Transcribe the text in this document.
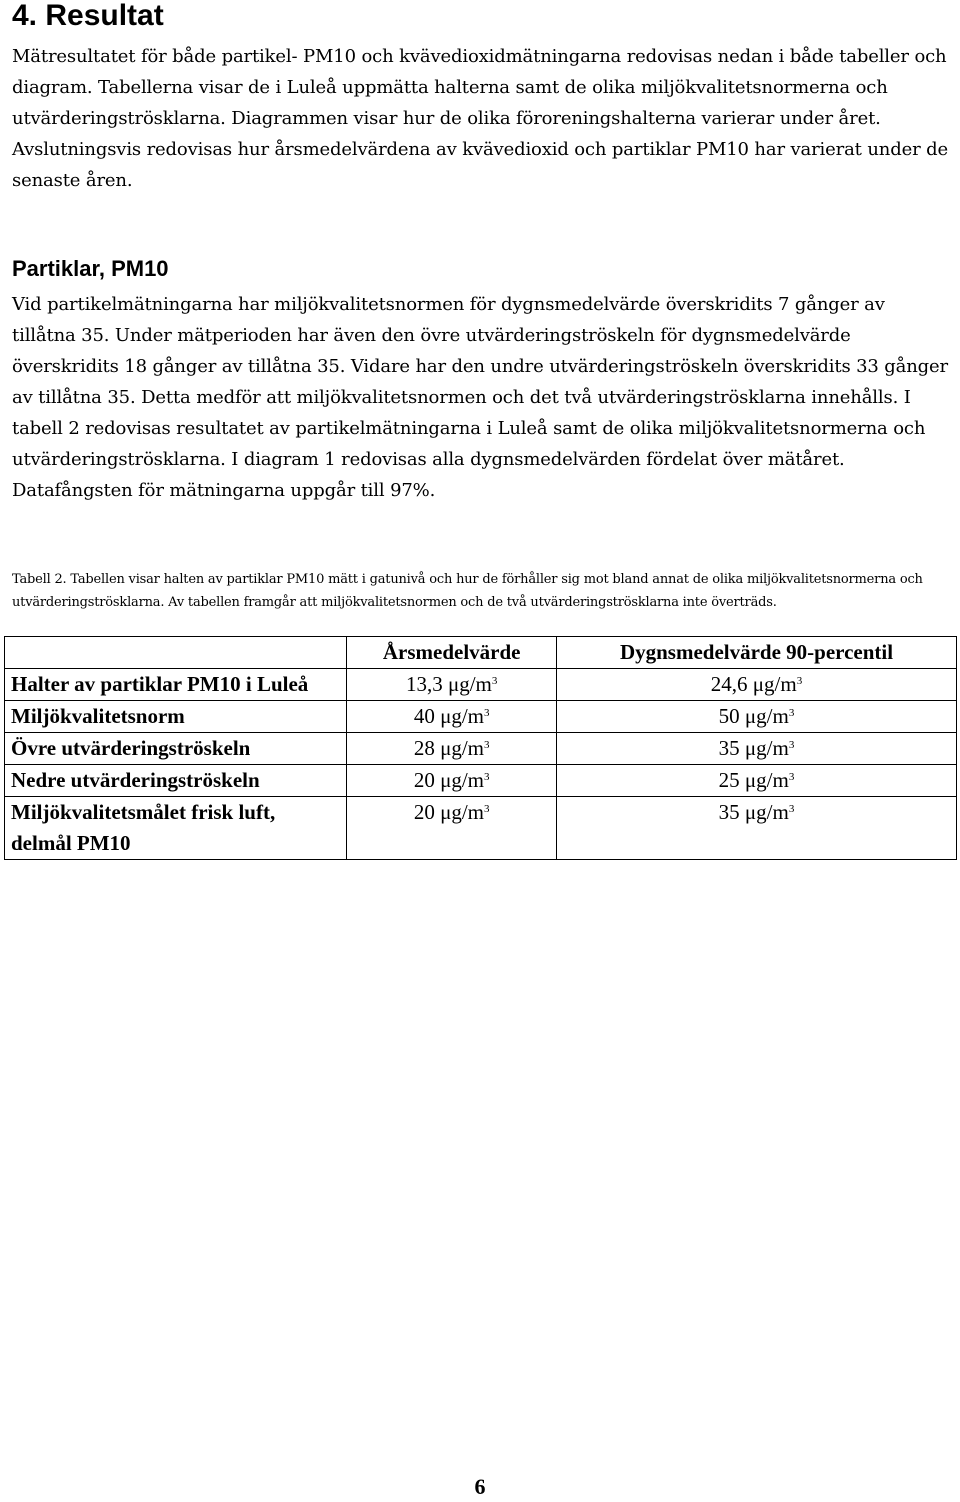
4. Resultat

Mätresultatet för både partikel- PM10 och kvävedioxidmätningarna redovisas nedan i både tabeller och diagram. Tabellerna visar de i Luleå uppmätta halterna samt de olika miljökvalitetsnormerna och utvärderingströsklarna. Diagrammen visar hur de olika föroreningshalterna varierar under året. Avslutningsvis redovisas hur årsmedelvärdena av kvävedioxid och partiklar PM10 har varierat under de senaste åren.

Partiklar, PM10

Vid partikelmätningarna har miljökvalitetsnormen för dygnsmedelvärde överskridits 7 gånger av tillåtna 35. Under mätperioden har även den övre utvärderingströskeln för dygnsmedelvärde överskridits 18 gånger av tillåtna 35. Vidare har den undre utvärderingströskeln överskridits 33 gånger av tillåtna 35. Detta medför att miljökvalitetsnormen och det två utvärderingströsklarna innehålls. I tabell 2 redovisas resultatet av partikelmätningarna i Luleå samt de olika miljökvalitetsnormerna och utvärderingströsklarna. I diagram 1 redovisas alla dygnsmedelvärden fördelat över mätåret. Datafångsten för mätningarna uppgår till 97%.

Tabell 2. Tabellen visar halten av partiklar PM10 mätt i gatunivå och hur de förhåller sig mot bland annat de olika miljökvalitetsnormerna och utvärderingströsklarna. Av tabellen framgår att miljökvalitetsnormen och de två utvärderingströsklarna inte överträds.

	Årsmedelvärde	Dygnsmedelvärde 90-percentil
Halter av partiklar PM10 i Luleå	13,3 $\mu g/m^3$	24,6 $\mu g/m^3$
Miljökvalitetsnorm	40 $\mu g/m^3$	50 $\mu g/m^3$
Övre utvärderingströskeln	28 $\mu g/m^3$	35 $\mu g/m^3$
Nedre utvärderingströskeln	20 $\mu g/m^3$	25 $\mu g/m^3$
Miljökvalitetsmålet frisk luft, delmål PM10	20 $\mu g/m^3$	35 $\mu g/m^3$
6
